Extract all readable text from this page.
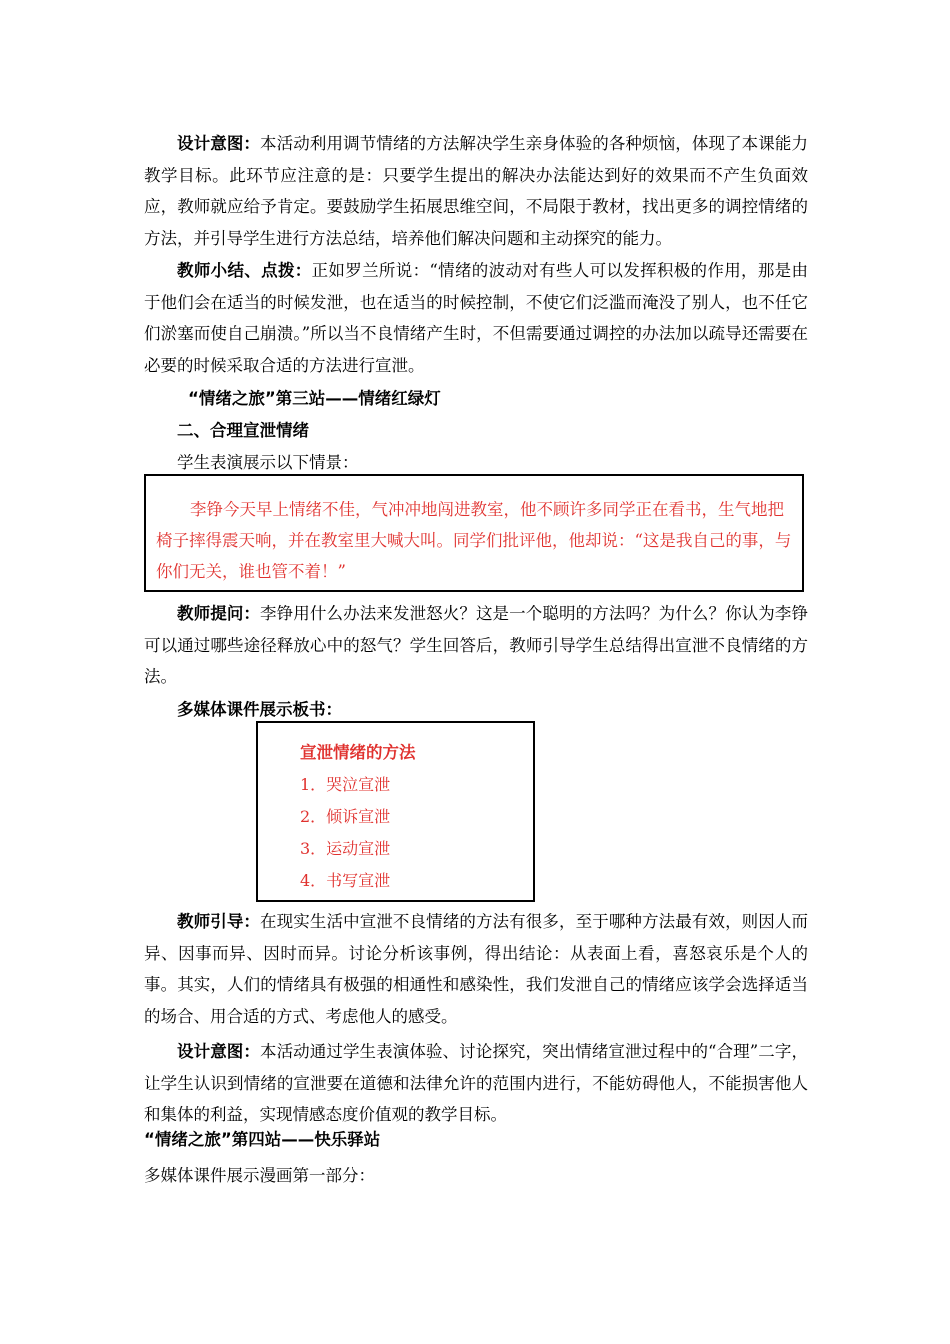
设计意图：本活动利用调节情绪的方法解决学生亲身体验的各种烦恼，体现了本课能力教学目标。此环节应注意的是：只要学生提出的解决办法能达到好的效果而不产生负面效应，教师就应给予肯定。要鼓励学生拓展思维空间，不局限于教材，找出更多的调控情绪的方法，并引导学生进行方法总结，培养他们解决问题和主动探究的能力。

教师小结、点拨：正如罗兰所说：“情绪的波动对有些人可以发挥积极的作用，那是由于他们会在适当的时候发泄，也在适当的时候控制，不使它们泛滥而淹没了别人，也不任它们淤塞而使自己崩溃。”所以当不良情绪产生时，不但需要通过调控的办法加以疏导还需要在必要的时候采取合适的方法进行宣泄。

“情绪之旅”第三站——情绪红绿灯
二、合理宣泄情绪
学生表演展示以下情景：

李铮今天早上情绪不佳，气冲冲地闯进教室，他不顾许多同学正在看书，生气地把椅子摔得震天响，并在教室里大喊大叫。同学们批评他，他却说：“这是我自己的事，与你们无关，谁也管不着！”

教师提问：李铮用什么办法来发泄怒火？这是一个聪明的方法吗？为什么？你认为李铮可以通过哪些途径释放心中的怒气？学生回答后，教师引导学生总结得出宣泄不良情绪的方法。

多媒体课件展示板书：
宣泄情绪的方法
1．哭泣宣泄
2．倾诉宣泄
3．运动宣泄
4．书写宣泄

教师引导：在现实生活中宣泄不良情绪的方法有很多，至于哪种方法最有效，则因人而异、因事而异、因时而异。讨论分析该事例，得出结论：从表面上看，喜怒哀乐是个人的事。其实，人们的情绪具有极强的相通性和感染性，我们发泄自己的情绪应该学会选择适当的场合、用合适的方式、考虑他人的感受。

设计意图：本活动通过学生表演体验、讨论探究，突出情绪宣泄过程中的“合理”二字，让学生认识到情绪的宣泄要在道德和法律允许的范围内进行，不能妨碍他人，不能损害他人和集体的利益，实现情感态度价值观的教学目标。

“情绪之旅”第四站——快乐驿站
多媒体课件展示漫画第一部分：
